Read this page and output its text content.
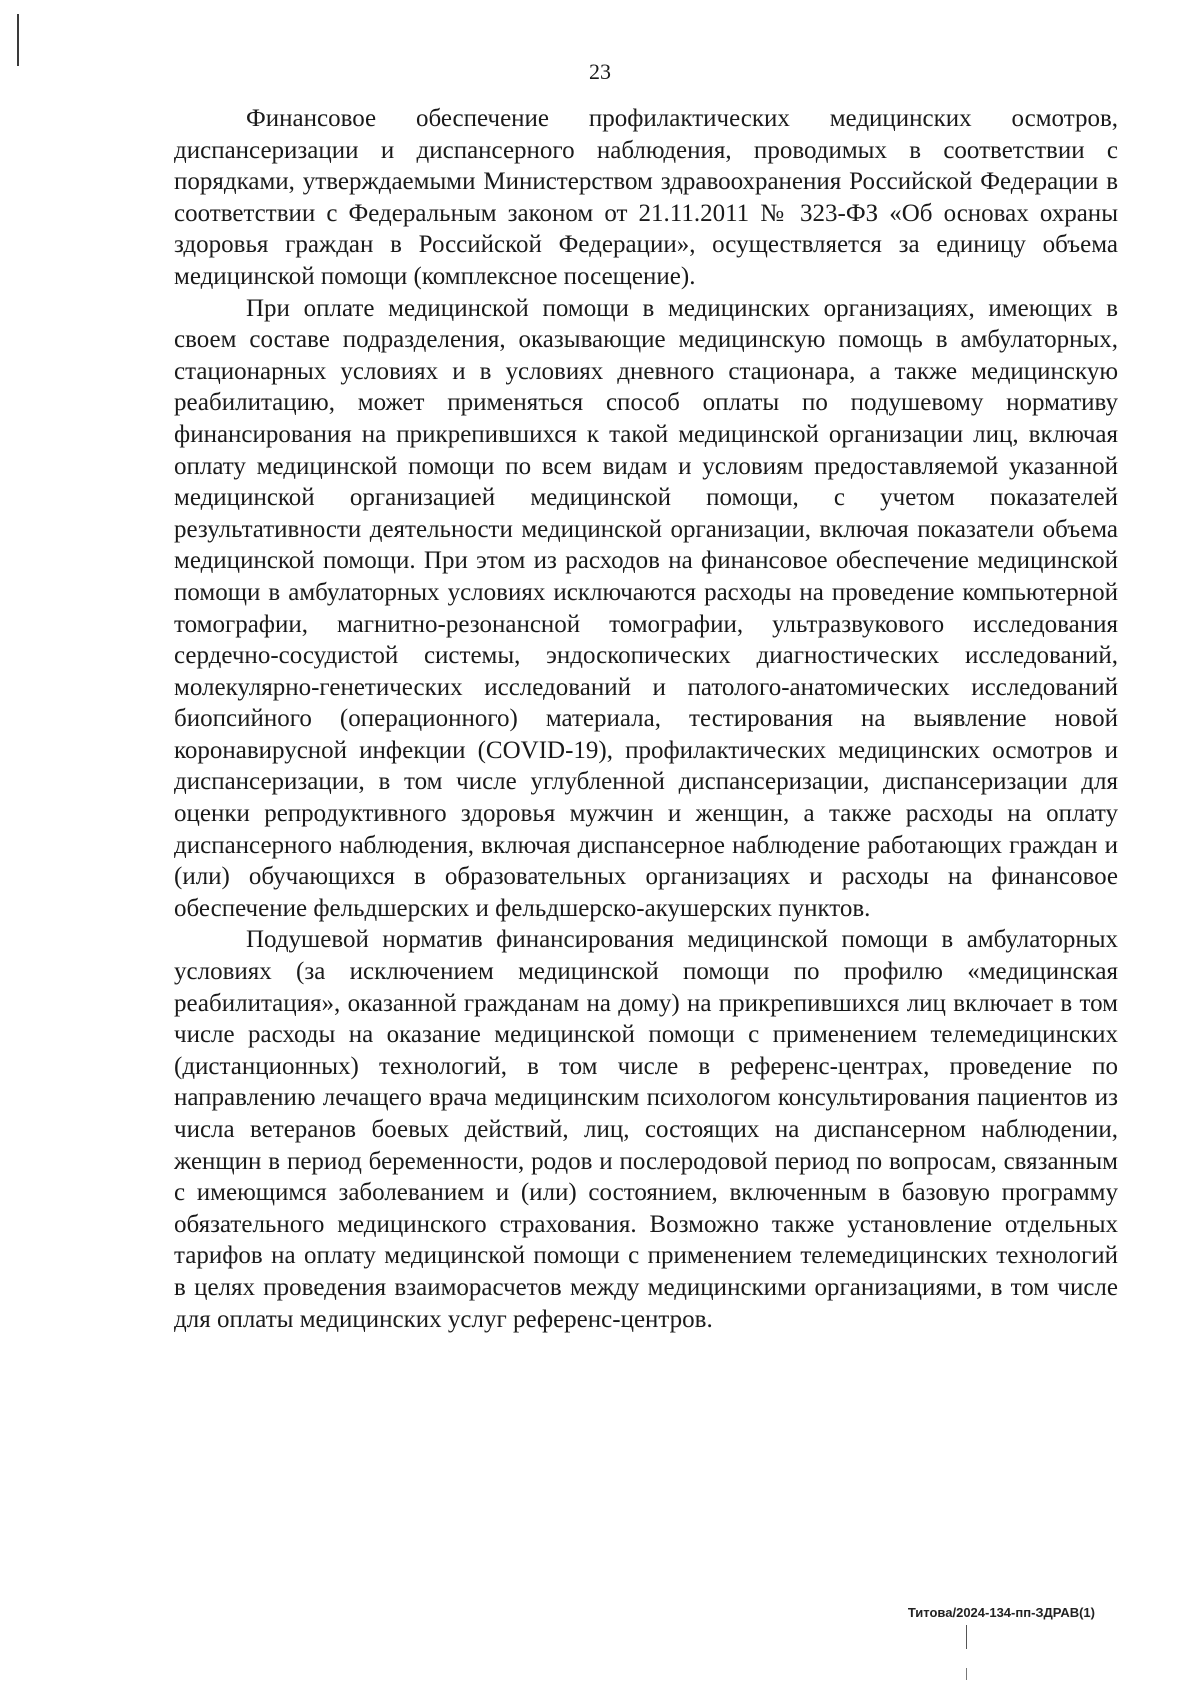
23

Финансовое обеспечение профилактических медицинских осмотров, диспансеризации и диспансерного наблюдения, проводимых в соответствии с порядками, утверждаемыми Министерством здравоохранения Российской Федерации в соответствии с Федеральным законом от 21.11.2011 № 323-ФЗ «Об основах охраны здоровья граждан в Российской Федерации», осуществляется за единицу объема медицинской помощи (комплексное посещение).

При оплате медицинской помощи в медицинских организациях, имеющих в своем составе подразделения, оказывающие медицинскую помощь в амбулаторных, стационарных условиях и в условиях дневного стационара, а также медицинскую реабилитацию, может применяться способ оплаты по подушевому нормативу финансирования на прикрепившихся к такой медицинской организации лиц, включая оплату медицинской помощи по всем видам и условиям предоставляемой указанной медицинской организацией медицинской помощи, с учетом показателей результативности деятельности медицинской организации, включая показатели объема медицинской помощи. При этом из расходов на финансовое обеспечение медицинской помощи в амбулаторных условиях исключаются расходы на проведение компьютерной томографии, магнитно-резонансной томографии, ультразвукового исследования сердечно-сосудистой системы, эндоскопических диагностических исследований, молекулярно-генетических исследований и патолого-анатомических исследований биопсийного (операционного) материала, тестирования на выявление новой коронавирусной инфекции (COVID-19), профилактических медицинских осмотров и диспансеризации, в том числе углубленной диспансеризации, диспансеризации для оценки репродуктивного здоровья мужчин и женщин, а также расходы на оплату диспансерного наблюдения, включая диспансерное наблюдение работающих граждан и (или) обучающихся в образовательных организациях и расходы на финансовое обеспечение фельдшерских и фельдшерско-акушерских пунктов.

Подушевой норматив финансирования медицинской помощи в амбулаторных условиях (за исключением медицинской помощи по профилю «медицинская реабилитация», оказанной гражданам на дому) на прикрепившихся лиц включает в том числе расходы на оказание медицинской помощи с применением телемедицинских (дистанционных) технологий, в том числе в референс-центрах, проведение по направлению лечащего врача медицинским психологом консультирования пациентов из числа ветеранов боевых действий, лиц, состоящих на диспансерном наблюдении, женщин в период беременности, родов и послеродовой период по вопросам, связанным с имеющимся заболеванием и (или) состоянием, включенным в базовую программу обязательного медицинского страхования. Возможно также установление отдельных тарифов на оплату медицинской помощи с применением телемедицинских технологий в целях проведения взаиморасчетов между медицинскими организациями, в том числе для оплаты медицинских услуг референс-центров.

Титова/2024-134-пп-ЗДРАВ(1)
